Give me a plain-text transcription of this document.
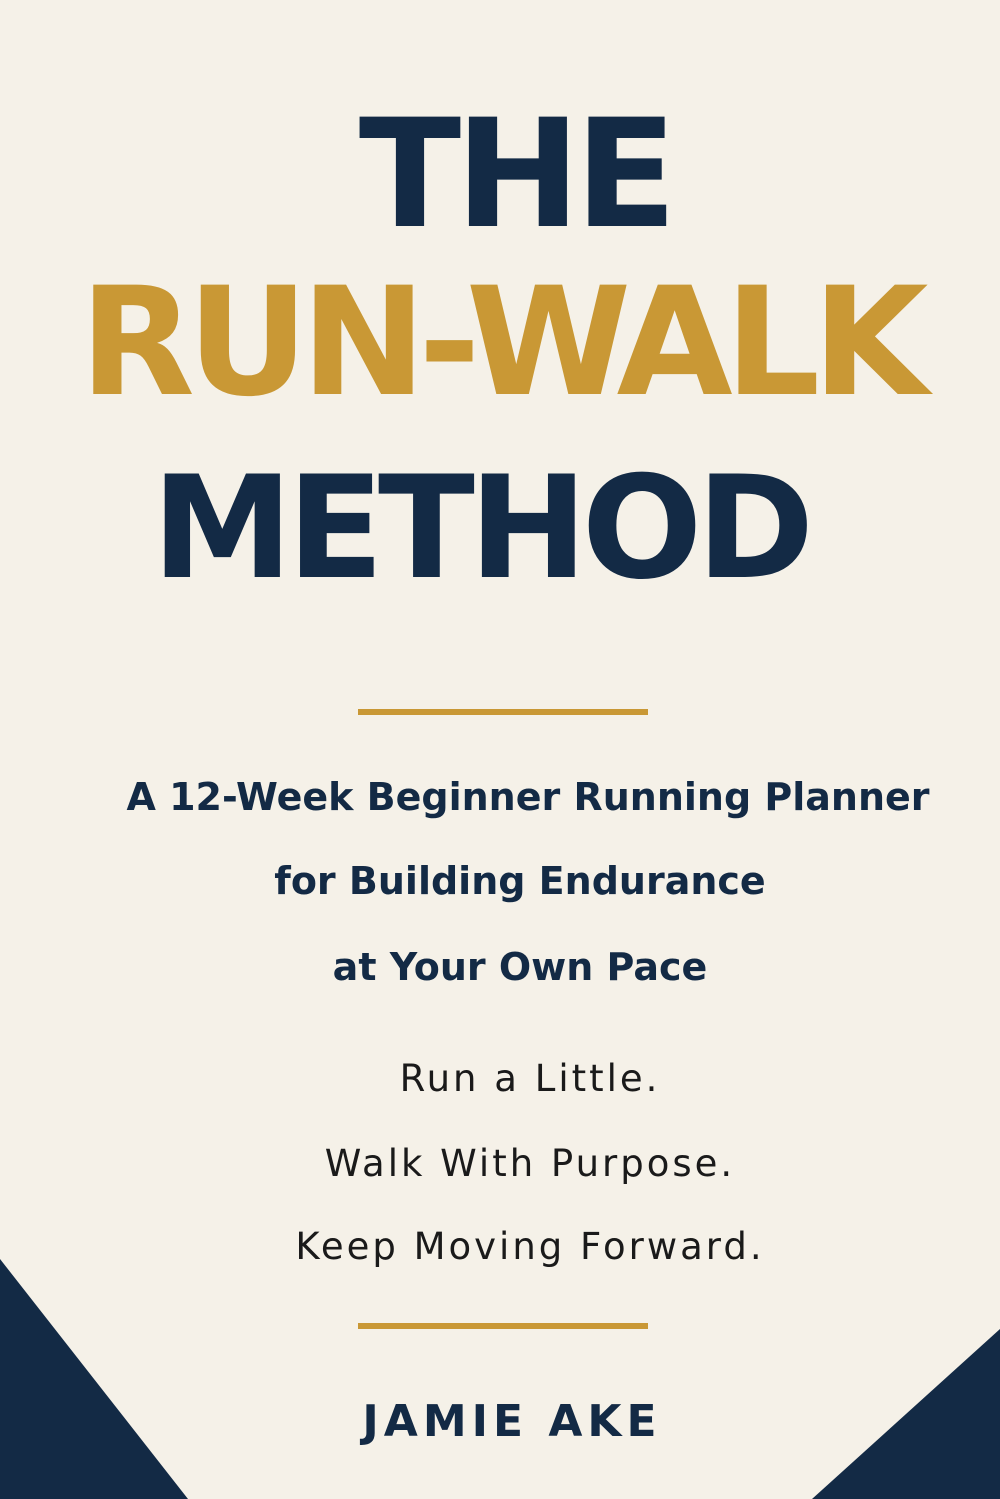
THE
RUN-WALK
METHOD

A 12-Week Beginner Running Planner

for Building Endurance

at Your Own Pace

Run a Little.

Walk With Purpose.

Keep Moving Forward.

JAMIE AKE
